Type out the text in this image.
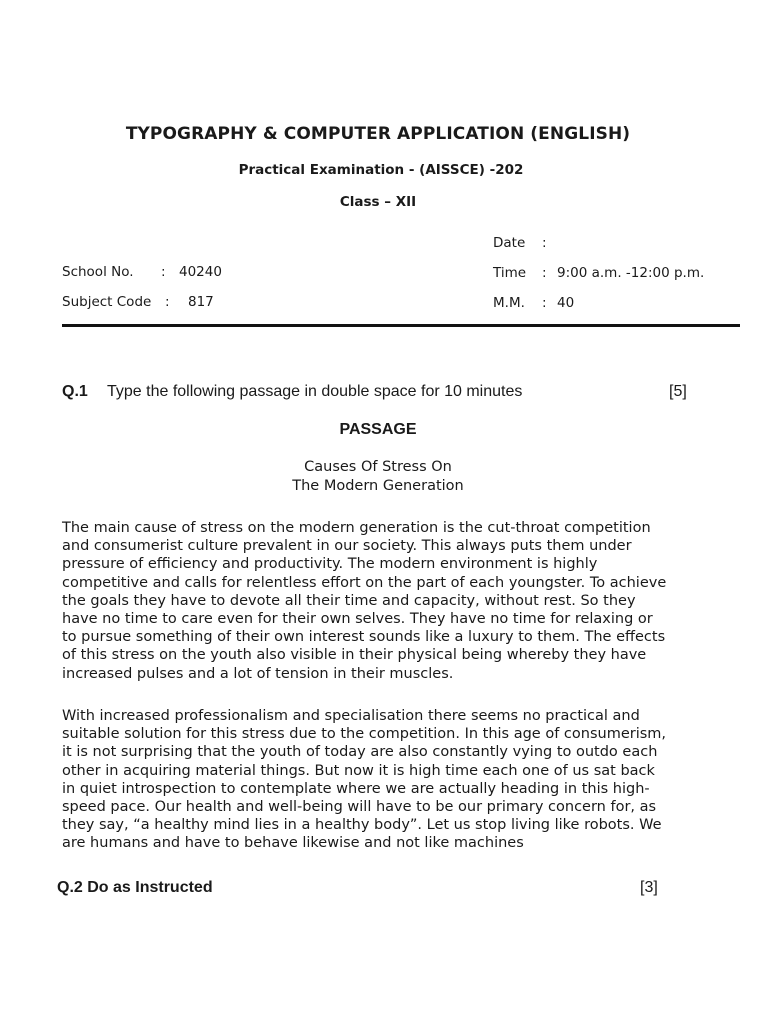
TYPOGRAPHY & COMPUTER APPLICATION (ENGLISH)
Practical Examination - (AISSCE) -202
Class – XII
Date :
School No. : 40240	Time : 9:00 a.m. -12:00 p.m.
Subject Code : 817	M.M. : 40
Q.1 Type the following passage in double space for 10 minutes	[5]
PASSAGE
Causes Of Stress On
The Modern Generation
The main cause of stress on the modern generation is the cut-throat competition
and consumerist culture prevalent in our society. This always puts them under
pressure of efficiency and productivity. The modern environment is highly
competitive and calls for relentless effort on the part of each youngster. To achieve
the goals they have to devote all their time and capacity, without rest. So they
have no time to care even for their own selves. They have no time for relaxing or
to pursue something of their own interest sounds like a luxury to them. The effects
of this stress on the youth also visible in their physical being whereby they have
increased pulses and a lot of tension in their muscles.
With increased professionalism and specialisation there seems no practical and
suitable solution for this stress due to the competition. In this age of consumerism,
it is not surprising that the youth of today are also constantly vying to outdo each
other in acquiring material things. But now it is high time each one of us sat back
in quiet introspection to contemplate where we are actually heading in this high-
speed pace. Our health and well-being will have to be our primary concern for, as
they say, “a healthy mind lies in a healthy body”. Let us stop living like robots. We
are humans and have to behave likewise and not like machines
Q.2 Do as Instructed	[3]
